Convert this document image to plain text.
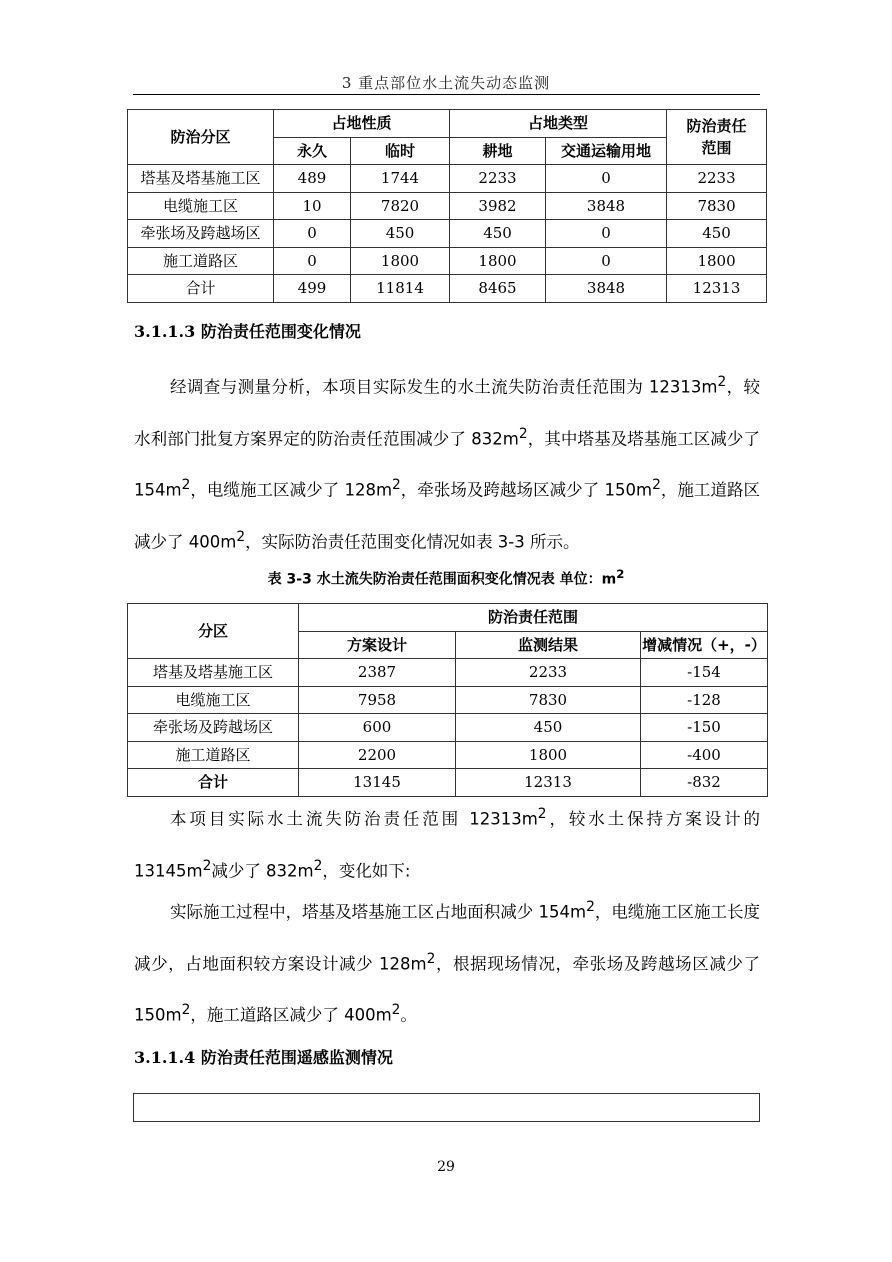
3 重点部位水土流失动态监测
防治分区	占地性质		占地类型		防治责任
范围
	永久	临时	耕地	交通运输用地	
塔基及塔基施工区	489	1744	2233	0	2233
电缆施工区	10	7820	3982	3848	7830
牵张场及跨越场区	0	450	450	0	450
施工道路区	0	1800	1800	0	1800
合计	499	11814	8465	3848	12313
3.1.1.3 防治责任范围变化情况

经调查与测量分析，本项目实际发生的水土流失防治责任范围为 $12313m^2$，较水利部门批复方案界定的防治责任范围减少了 $832m^2$，其中塔基及塔基施工区减少了 $154m^2$，电缆施工区减少了 $128m^2$，牵张场及跨越场区减少了 $150m^2$，施工道路区减少了 $400m^2$，实际防治责任范围变化情况如表 3-3 所示。

表 3-3 水土流失防治责任范围面积变化情况表 单位：$m^2$
分区	防治责任范围		
	方案设计	监测结果	增减情况（+，-）
塔基及塔基施工区	2387	2233	-154
电缆施工区	7958	7830	-128
牵张场及跨越场区	600	450	-150
施工道路区	2200	1800	-400
合计	13145	12313	-832

本项目实际水土流失防治责任范围 $12313m^2$，较水土保持方案设计的 $13145m^2$减少了 $832m^2$，变化如下:

实际施工过程中，塔基及塔基施工区占地面积减少 $154m^2$，电缆施工区施工长度减少，占地面积较方案设计减少 $128m^2$，根据现场情况，牵张场及跨越场区减少了 $150m^2$，施工道路区减少了 $400m^2$。

3.1.1.4 防治责任范围遥感监测情况
29
